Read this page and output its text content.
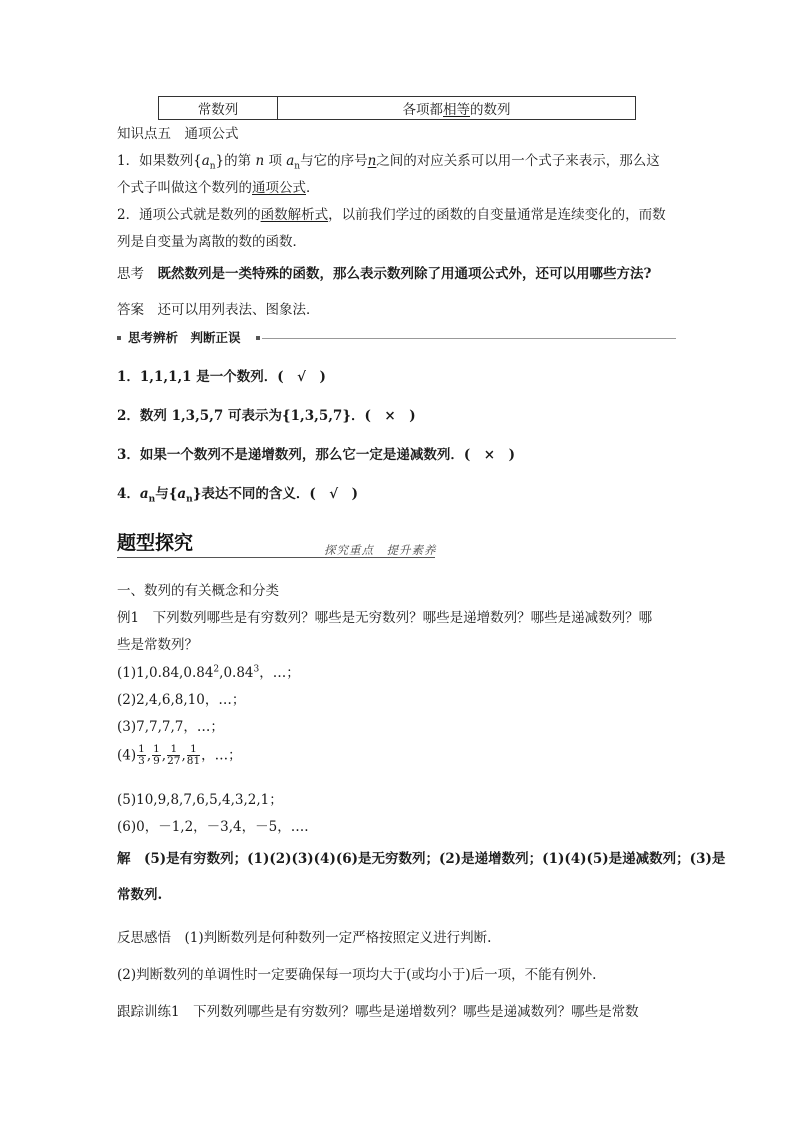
常数列	各项都相等的数列
知识点五　通项公式
1．如果数列$\{a_n\}$的第 n 项 $a_n$与它的序号n之间的对应关系可以用一个式子来表示，那么这
个式子叫做这个数列的通项公式．
2．通项公式就是数列的函数解析式，以前我们学过的函数的自变量通常是连续变化的，而数
列是自变量为离散的数的函数．
思考　 既然数列是一类特殊的函数，那么表示数列除了用通项公式外，还可以用哪些方法?
答案　 还可以用列表法、图象法．
思考辨析　判断正误
1．1,1,1,1 是一个数列．(　√　)
2．数列 1,3,5,7 可表示为{1,3,5,7}．(　×　)
3．如果一个数列不是递增数列，那么它一定是递减数列．(　×　)
4．$a_n$与$\{a_n\}$表达不同的含义．(　√　)
题型探究	探究重点　提升素养
一、数列的有关概念和分类
例1　下列数列哪些是有穷数列？哪些是无穷数列？哪些是递增数列？哪些是递减数列？哪
些是常数列？
(1)1,0.84,0.84$^2$,0.84$^3$，…；
(2)2,4,6,8,10，…；
(3)7,7,7,7，…；
$(4) \frac{1}{3}$ , $\frac{1}{9}$ , $\frac{1}{27}$ , $\frac{1}{81}$ ，…；
(5)10,9,8,7,6,5,4,3,2,1；
(6)0，－1,2，－3,4，－5，….
解　(5)是有穷数列；(1)(2)(3)(4)(6)是无穷数列；(2)是递增数列；(1)(4)(5)是递减数列；(3)是
常数列.
反思感悟　(1)判断数列是何种数列一定严格按照定义进行判断.
(2)判断数列的单调性时一定要确保每一项均大于(或均小于)后一项，不能有例外.
跟踪训练1　下列数列哪些是有穷数列？哪些是递增数列？哪些是递减数列？哪些是常数
